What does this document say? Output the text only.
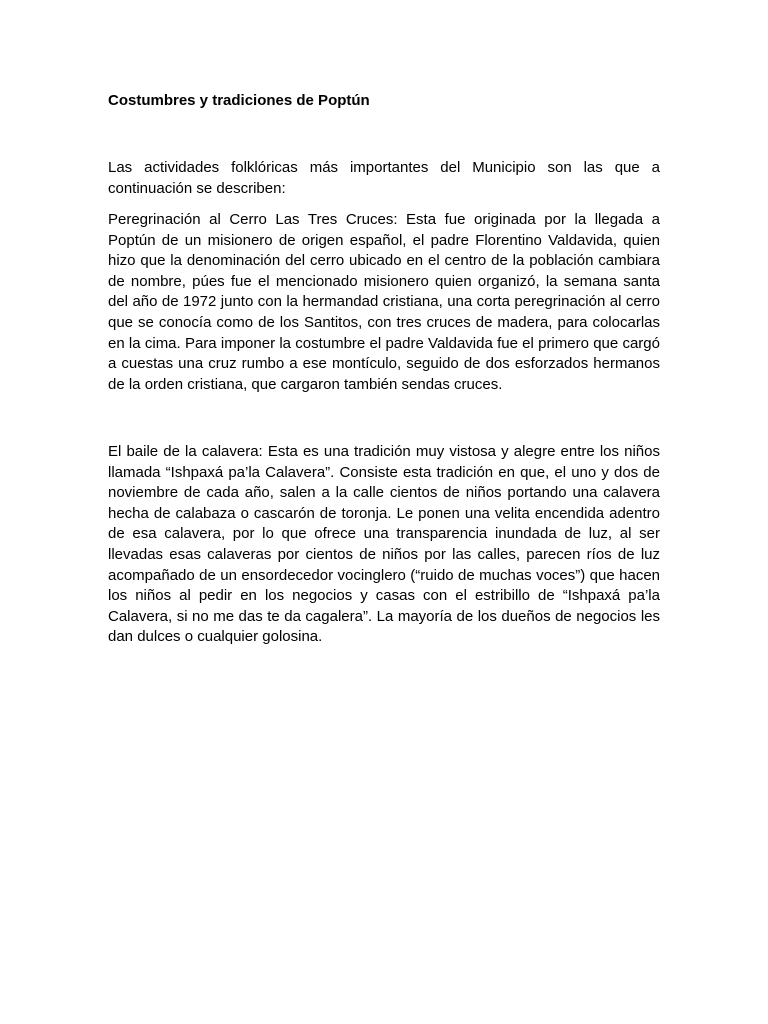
Costumbres y tradiciones de Poptún
Las actividades folklóricas más importantes del Municipio son las que a
continuación se describen:
Peregrinación al Cerro Las Tres Cruces: Esta fue originada por la llegada a
Poptún de un misionero de origen español, el padre Florentino Valdavida, quien
hizo que la denominación del cerro ubicado en el centro de la población cambiara
de nombre, púes fue el mencionado misionero quien organizó, la semana santa
del año de 1972 junto con la hermandad cristiana, una corta peregrinación al cerro
que se conocía como de los Santitos, con tres cruces de madera, para colocarlas
en la cima. Para imponer la costumbre el padre Valdavida fue el primero que cargó
a cuestas una cruz rumbo a ese montículo, seguido de dos esforzados hermanos
de la orden cristiana, que cargaron también sendas cruces.
El baile de la calavera: Esta es una tradición muy vistosa y alegre entre los niños
llamada “Ishpaxá pa’la Calavera”. Consiste esta tradición en que, el uno y dos de
noviembre de cada año, salen a la calle cientos de niños portando una calavera
hecha de calabaza o cascarón de toronja. Le ponen una velita encendida adentro
de esa calavera, por lo que ofrece una transparencia inundada de luz, al ser
llevadas esas calaveras por cientos de niños por las calles, parecen ríos de luz
acompañado de un ensordecedor vocinglero (“ruido de muchas voces”) que hacen
los niños al pedir en los negocios y casas con el estribillo de “Ishpaxá pa’la
Calavera, si no me das te da cagalera”. La mayoría de los dueños de negocios les
dan dulces o cualquier golosina.
